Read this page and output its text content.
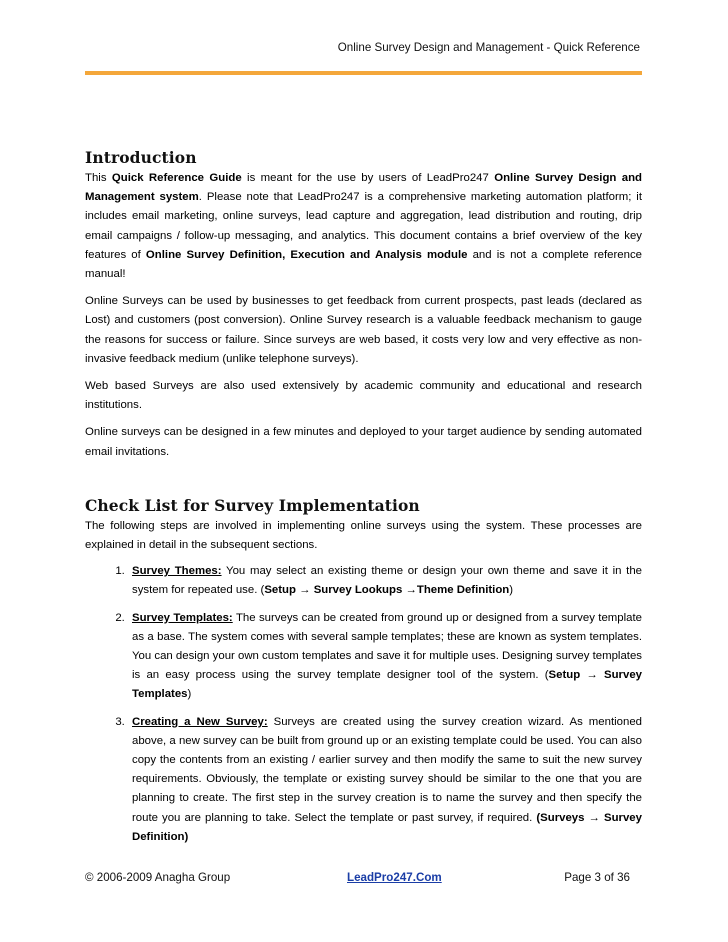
Online Survey Design and Management - Quick Reference
Introduction

This Quick Reference Guide is meant for the use by users of LeadPro247 Online Survey Design and Management system. Please note that LeadPro247 is a comprehensive marketing automation platform; it includes email marketing, online surveys, lead capture and aggregation, lead distribution and routing, drip email campaigns / follow-up messaging, and analytics. This document contains a brief overview of the key features of Online Survey Definition, Execution and Analysis module and is not a complete reference manual!

Online Surveys can be used by businesses to get feedback from current prospects, past leads (declared as Lost) and customers (post conversion). Online Survey research is a valuable feedback mechanism to gauge the reasons for success or failure. Since surveys are web based, it costs very low and very effective as non-invasive feedback medium (unlike telephone surveys).

Web based Surveys are also used extensively by academic community and educational and research institutions.

Online surveys can be designed in a few minutes and deployed to your target audience by sending automated email invitations.

Check List for Survey Implementation

The following steps are involved in implementing online surveys using the system. These processes are explained in detail in the subsequent sections.

1. Survey Themes: You may select an existing theme or design your own theme and save it in the system for repeated use. (Setup → Survey Lookups →Theme Definition)
2. Survey Templates: The surveys can be created from ground up or designed from a survey template as a base. The system comes with several sample templates; these are known as system templates. You can design your own custom templates and save it for multiple uses. Designing survey templates is an easy process using the survey template designer tool of the system. (Setup → Survey Templates)
3. Creating a New Survey: Surveys are created using the survey creation wizard. As mentioned above, a new survey can be built from ground up or an existing template could be used. You can also copy the contents from an existing / earlier survey and then modify the same to suit the new survey requirements. Obviously, the template or existing survey should be similar to the one that you are planning to create. The first step in the survey creation is to name the survey and then specify the route you are planning to take. Select the template or past survey, if required. (Surveys → Survey Definition)
© 2006-2009 Anagha Group	LeadPro247.Com	Page 3 of 36
